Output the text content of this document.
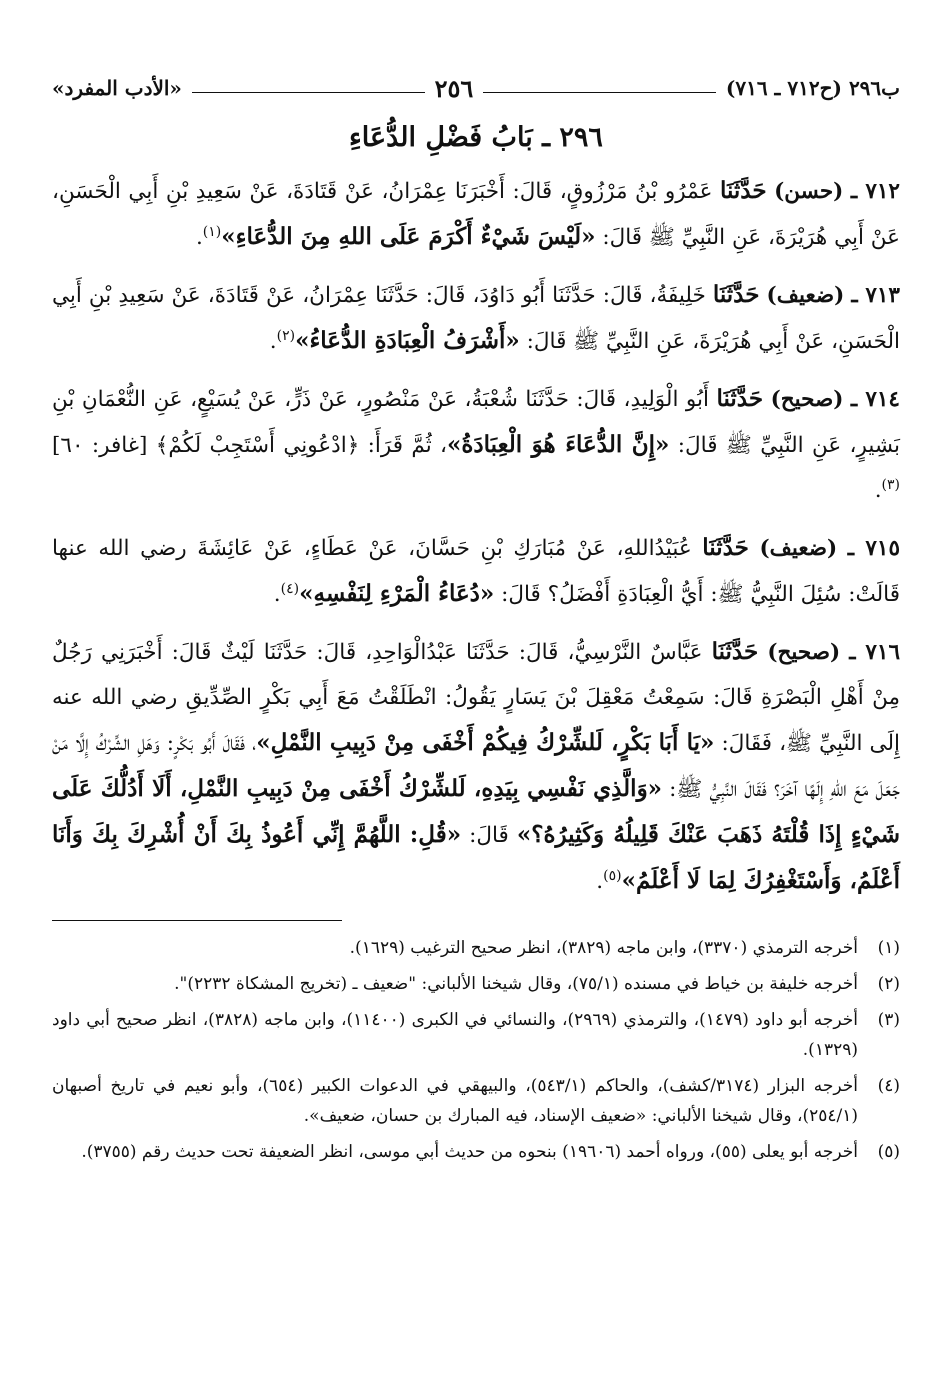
ب٢٩٦ (ح٧١٢ ـ ٧١٦)
٢٥٦
«الأدب المفرد»
٢٩٦ ـ بَابُ فَضْلِ الدُّعَاءِ

٧١٢ ـ (حسن) حَدَّثَنَا عَمْرُو بْنُ مَرْزُوقٍ، قَالَ: أَخْبَرَنَا عِمْرَانُ، عَنْ قَتَادَةَ، عَنْ سَعِيدِ بْنِ أَبِي الْحَسَنِ، عَنْ أَبِي هُرَيْرَةَ، عَنِ النَّبِيِّ ﷺ قَالَ: «لَيْسَ شَيْءٌ أَكْرَمَ عَلَى اللهِ مِنَ الدُّعَاءِ»$^{(١)}$.

٧١٣ ـ (ضعيف) حَدَّثَنَا خَلِيفَةُ، قَالَ: حَدَّثَنَا أَبُو دَاوُدَ، قَالَ: حَدَّثَنَا عِمْرَانُ، عَنْ قَتَادَةَ، عَنْ سَعِيدِ بْنِ أَبِي الْحَسَنِ، عَنْ أَبِي هُرَيْرَةَ، عَنِ النَّبِيِّ ﷺ قَالَ: «أَشْرَفُ الْعِبَادَةِ الدُّعَاءُ»$^{(٢)}$.

٧١٤ ـ (صحيح) حَدَّثَنَا أَبُو الْوَلِيدِ، قَالَ: حَدَّثَنَا شُعْبَةُ، عَنْ مَنْصُورٍ، عَنْ ذَرٍّ، عَنْ يُسَيْعٍ، عَنِ النُّعْمَانِ بْنِ بَشِيرٍ، عَنِ النَّبِيِّ ﷺ قَالَ: «إِنَّ الدُّعَاءَ هُوَ الْعِبَادَةُ»، ثُمَّ قَرَأَ: ﴿ادْعُونِي أَسْتَجِبْ لَكُمْ﴾ [غافر: ٦٠]$^{(٣)}$.

٧١٥ ـ (ضعيف) حَدَّثَنَا عُبَيْدُاللهِ، عَنْ مُبَارَكِ بْنِ حَسَّانَ، عَنْ عَطَاءٍ، عَنْ عَائِشَةَ رضي الله عنها قَالَتْ: سُئِلَ النَّبِيُّ ﷺ: أَيُّ الْعِبَادَةِ أَفْضَلُ؟ قَالَ: «دُعَاءُ الْمَرْءِ لِنَفْسِهِ»$^{(٤)}$.

٧١٦ ـ (صحيح) حَدَّثَنَا عَبَّاسٌ النَّرْسِيُّ، قَالَ: حَدَّثَنَا عَبْدُالْوَاحِدِ، قَالَ: حَدَّثَنَا لَيْثٌ قَالَ: أَخْبَرَنِي رَجُلٌ مِنْ أَهْلِ الْبَصْرَةِ قَالَ: سَمِعْتُ مَعْقِلَ بْنَ يَسَارٍ يَقُولُ: انْطَلَقْتُ مَعَ أَبِي بَكْرٍ الصِّدِّيقِ رضي الله عنه إِلَى النَّبِيِّ ﷺ، فَقَالَ: «يَا أَبَا بَكْرٍ، لَلشِّرْكُ فِيكُمْ أَخْفَى مِنْ دَبِيبِ النَّمْلِ»، فَقَالَ أَبُو بَكْرٍ: وَهَلِ الشِّرْكُ إِلَّا مَنْ جَعَلَ مَعَ اللهِ إِلَهًا آخَرَ؟ فَقَالَ النَّبِيُّ ﷺ: «وَالَّذِي نَفْسِي بِيَدِهِ، لَلشِّرْكُ أَخْفَى مِنْ دَبِيبِ النَّمْلِ، أَلَا أَدُلُّكَ عَلَى شَيْءٍ إِذَا قُلْتَهُ ذَهَبَ عَنْكَ قَلِيلُهُ وَكَثِيرُهُ؟» قَالَ: «قُلِ: اللَّهُمَّ إِنِّي أَعُوذُ بِكَ أَنْ أُشْرِكَ بِكَ وَأَنَا أَعْلَمُ، وَأَسْتَغْفِرُكَ لِمَا لَا أَعْلَمُ»$^{(٥)}$.

(١)
أخرجه الترمذي (٣٣٧٠)، وابن ماجه (٣٨٢٩)، انظر صحيح الترغيب (١٦٢٩).
(٢)
أخرجه خليفة بن خياط في مسنده (٧٥/١)، وقال شيخنا الألباني: "ضعيف ـ (تخريج المشكاة ٢٢٣٢)".
(٣)
أخرجه أبو داود (١٤٧٩)، والترمذي (٢٩٦٩)، والنسائي في الكبرى (١١٤٠٠)، وابن ماجه (٣٨٢٨)، انظر صحيح أبي داود (١٣٢٩).
(٤)
أخرجه البزار (٣١٧٤/كشف)، والحاكم (٥٤٣/١)، والبيهقي في الدعوات الكبير (٦٥٤)، وأبو نعيم في تاريخ أصبهان (٢٥٤/١)، وقال شيخنا الألباني: «ضعيف الإسناد، فيه المبارك بن حسان، ضعيف».
(٥)
أخرجه أبو يعلى (٥٥)، ورواه أحمد (١٩٦٠٦) بنحوه من حديث أبي موسى، انظر الضعيفة تحت حديث رقم (٣٧٥٥).
